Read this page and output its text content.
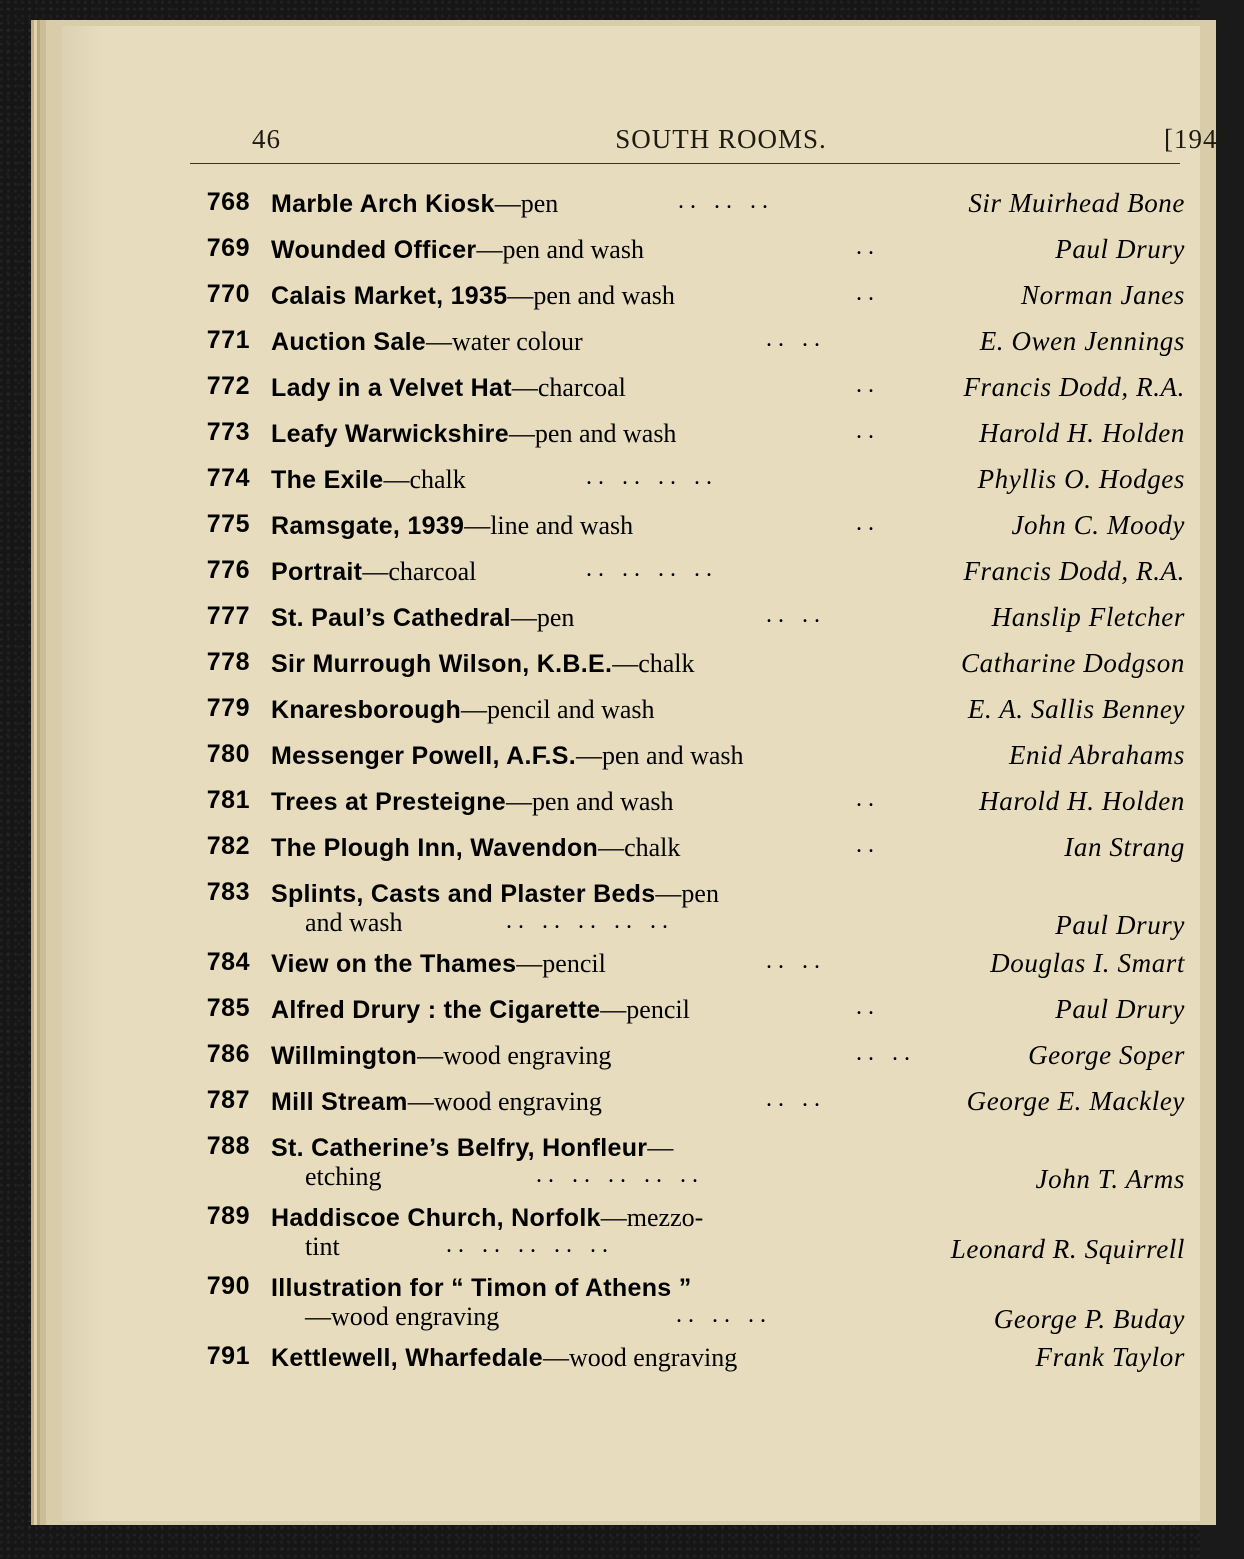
46	SOUTH ROOMS.	[1941
768 Marble Arch Kiosk—pen	.. .. ..	Sir Muirhead Bone
769 Wounded Officer—pen and wash	..	Paul Drury
770 Calais Market, 1935—pen and wash	..	Norman Janes
771 Auction Sale—water colour	.. ..	E. Owen Jennings
772 Lady in a Velvet Hat—charcoal	..	Francis Dodd, R.A.
773 Leafy Warwickshire—pen and wash	..	Harold H. Holden
774 The Exile—chalk	.. .. .. ..	Phyllis O. Hodges
775 Ramsgate, 1939—line and wash	..	John C. Moody
776 Portrait—charcoal	.. .. .. ..	Francis Dodd, R.A.
777 St. Paul’s Cathedral—pen	.. ..	Hanslip Fletcher
778 Sir Murrough Wilson, K.B.E.—chalk	Catharine Dodgson
779 Knaresborough—pencil and wash	E. A. Sallis Benney
780 Messenger Powell, A.F.S.—pen and wash	Enid Abrahams
781 Trees at Presteigne—pen and wash	..	Harold H. Holden
782 The Plough Inn, Wavendon—chalk	..	Ian Strang
783 Splints, Casts and Plaster Beds—pen
and wash	.. .. .. .. ..	Paul Drury
784 View on the Thames—pencil	.. ..	Douglas I. Smart
785 Alfred Drury : the Cigarette—pencil	..	Paul Drury
786 Willmington—wood engraving	.. ..	George Soper
787 Mill Stream—wood engraving	.. ..	George E. Mackley
788 St. Catherine’s Belfry, Honfleur—
etching	.. .. .. .. ..	John T. Arms
789 Haddiscoe Church, Norfolk—mezzo-
tint	.. .. .. .. ..	Leonard R. Squirrell
790 Illustration for “ Timon of Athens ”
—wood engraving	.. .. ..	George P. Buday
791 Kettlewell, Wharfedale—wood engraving	Frank Taylor
